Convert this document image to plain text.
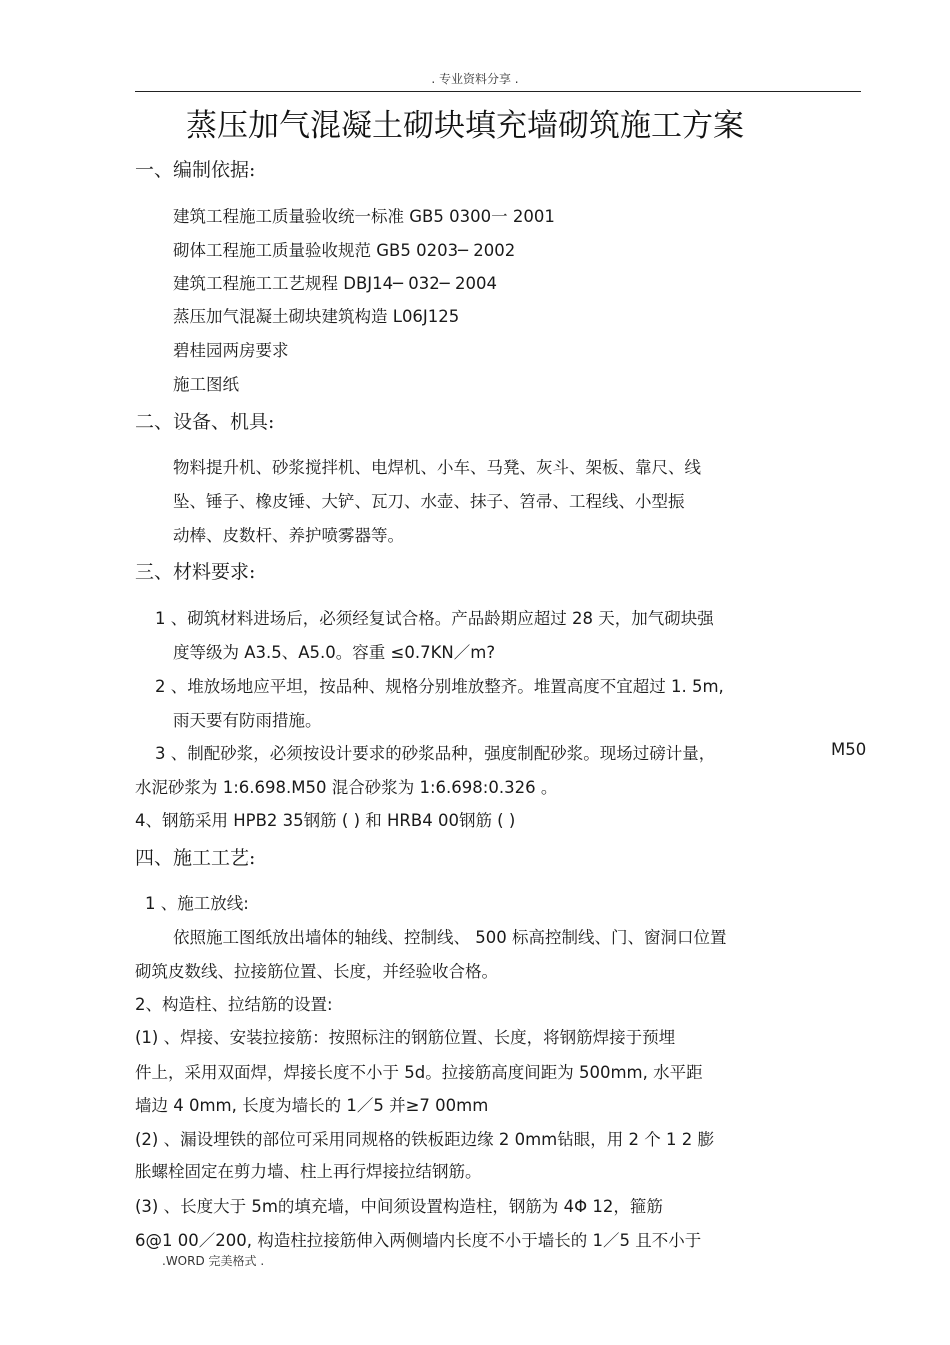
. 专业资料分享 .
蒸压加气混凝土砌块填充墙砌筑施工方案
一、编制依据:
建筑工程施工质量验收统一标准 GB5 0300一 2001
砌体工程施工质量验收规范 GB5 0203─ 2002
建筑工程施工工艺规程 DBJ14─ 032─ 2004
蒸压加气混凝土砌块建筑构造 L06J125
碧桂园两房要求
施工图纸
二、设备、机具:
物料提升机、砂浆搅拌机、电焊机、小车、马凳、灰斗、架板、靠尺、线
坠、锤子、橡皮锤、大铲、瓦刀、水壶、抹子、笤帚、工程线、小型振
动棒、皮数杆、养护喷雾器等。
三、材料要求:
1 、砌筑材料进场后，必须经复试合格。产品龄期应超过 28 天，加气砌块强
度等级为 A3.5、A5.0。容重 ≤0.7KN／m?
2 、堆放场地应平坦，按品种、规格分别堆放整齐。堆置高度不宜超过 1. 5m,
雨天要有防雨措施。
3 、制配砂浆，必须按设计要求的砂浆品种，强度制配砂浆。现场过磅计量，	M50
水泥砂浆为 1:6.698.M50 混合砂浆为 1:6.698:0.326 。
4、钢筋采用 HPB2 35钢筋 ( ) 和 HRB4 00钢筋 ( )
四、施工工艺:
1 、施工放线:
依照施工图纸放出墙体的轴线、控制线、 500 标高控制线、门、窗洞口位置
砌筑皮数线、拉接筋位置、长度，并经验收合格。
2、构造柱、拉结筋的设置:
(1) 、焊接、安装拉接筋：按照标注的钢筋位置、长度，将钢筋焊接于预埋
件上，采用双面焊，焊接长度不小于 5d。拉接筋高度间距为 500mm, 水平距
墙边 4 0mm, 长度为墙长的 1／5 并≥7 00mm
(2) 、漏设埋铁的部位可采用同规格的铁板距边缘 2 0mm钻眼，用 2 个 1 2 膨
胀螺栓固定在剪力墙、柱上再行焊接拉结钢筋。
(3) 、长度大于 5m的填充墙，中间须设置构造柱，钢筋为 4Φ 12，箍筋
6@1 00／200, 构造柱拉接筋伸入两侧墙内长度不小于墙长的 1／5 且不小于
.WORD 完美格式 .
